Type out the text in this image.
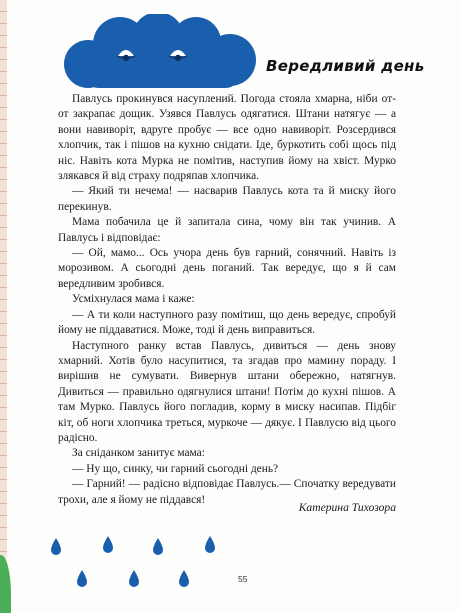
Вередливий день

Павлусь прокинувся насуплений. Погода стояла хмарна, ніби от-от закрапає дощик. Узявся Павлусь одягатися. Штани натягує — а вони навиворіт, вдруге пробує — все одно навиворіт. Розсердився хлопчик, так і пішов на кухню снідати. Іде, буркотить собі щось під ніс. Навіть кота Мурка не помітив, наступив йому на хвіст. Мурко злякався й від страху подряпав хлопчика.

— Який ти нечема! — насварив Павлусь кота та й миску його перекинув.

Мама побачила це й запитала сина, чому він так учинив. А Павлусь і відповідає:

— Ой, мамо... Ось учора день був гарний, сонячний. Навіть із морозивом. А сьогодні день поганий. Так вередує, що я й сам вередливим зробився.

Усміхнулася мама і каже:

— А ти коли наступного разу помітиш, що день вередує, спробуй йому не піддаватися. Може, тоді й день виправиться.

Наступного ранку встав Павлусь, дивиться — день знову хмарний. Хотів було насупитися, та згадав про мамину пораду. І вирішив не сумувати. Вивернув штани обережно, натягнув. Дивиться — правильно одягнулися штани! Потім до кухні пішов. А там Мурко. Павлусь його погладив, корму в миску насипав. Підбіг кіт, об ноги хлопчика треться, муркоче — дякує. І Павлусю від цього радісно.

За сніданком занитує мама:

— Ну що, синку, чи гарний сьогодні день?

— Гарний! — радісно відповідає Павлусь.— Спочатку вередувати трохи, але я йому не піддався!

Катерина Тихозора
55
